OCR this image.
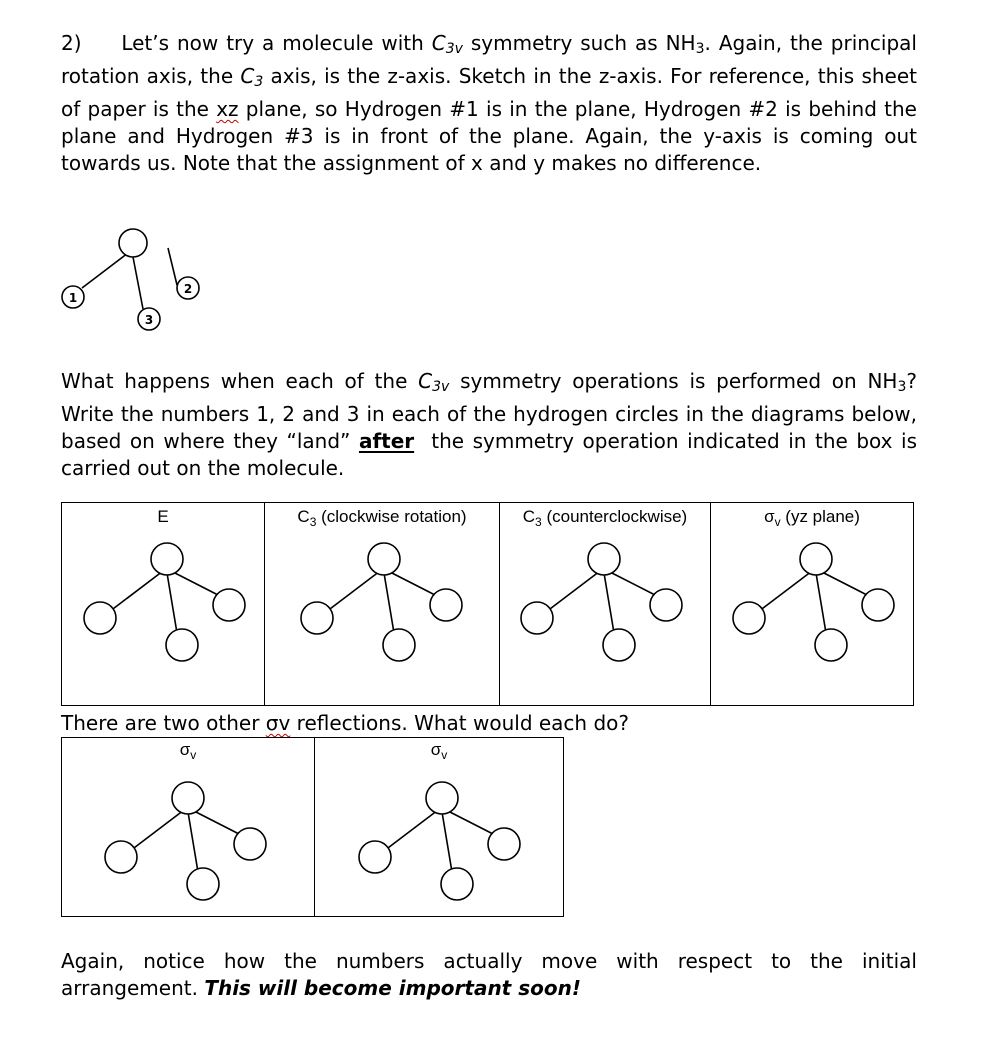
2) Let’s now try a molecule with $C_{3v}$ symmetry such as $NH_3$. Again, the principal rotation axis, the $C_3$ axis, is the z-axis. Sketch in the z-axis. For reference, this sheet of paper is the xz plane, so Hydrogen #1 is in the plane, Hydrogen #2 is behind the plane and Hydrogen #3 is in front of the plane. Again, the y-axis is coming out towards us. Note that the assignment of x and y makes no difference.
1
2
3
What happens when each of the $C_{3v}$ symmetry operations is performed on $NH_3$? Write the numbers 1, 2 and 3 in each of the hydrogen circles in the diagrams below, based on where they “land” after  the symmetry operation indicated in the box is carried out on the molecule.
E	$C_3$ (clockwise rotation)	$C_3$ (counterclockwise)	$\sigma_v$ (yz plane)
There are two other σv reflections. What would each do?
$\sigma_v$	$\sigma_v$
Again, notice how the numbers actually move with respect to the initial arrangement. This will become important soon!
